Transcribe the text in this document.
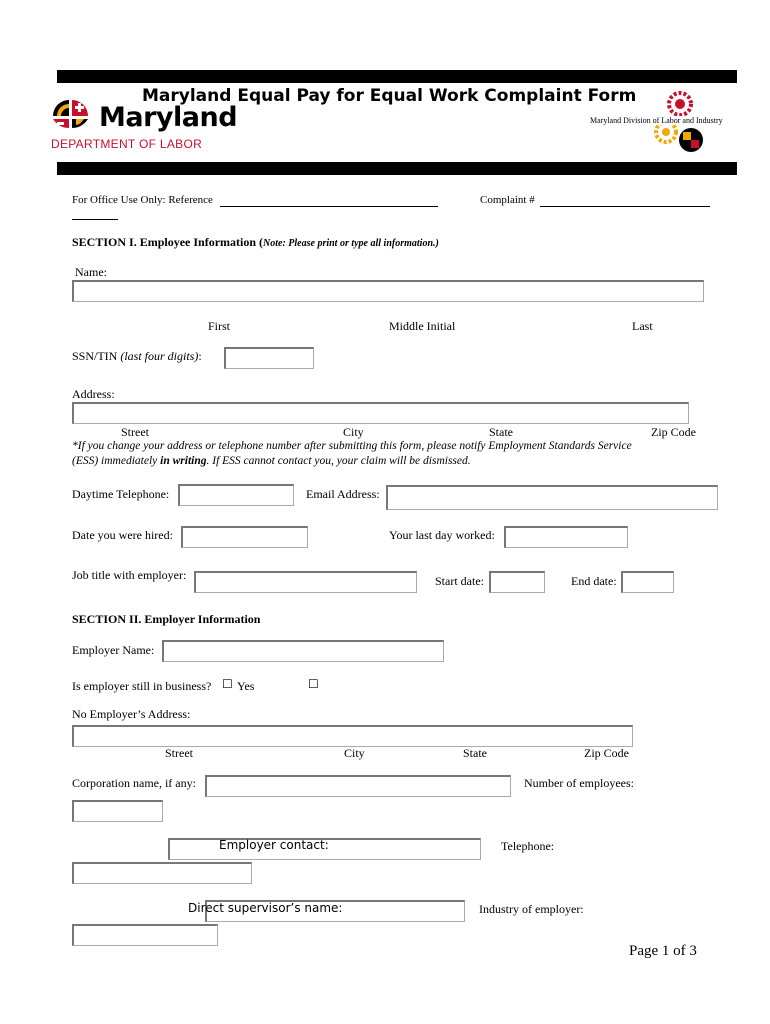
Maryland
DEPARTMENT OF LABOR
Maryland Equal Pay for Equal Work Complaint Form
Maryland Division of Labor and Industry
For Office Use Only: Reference	Complaint #
SECTION I. Employee Information (Note: Please print or type all information.)
Name:
First	Middle Initial	Last
SSN/TIN (last four digits):
Address:
Street	City	State	Zip Code
*If you change your address or telephone number after submitting this form, please notify Employment Standards Service
(ESS) immediately in writing. If ESS cannot contact you, your claim will be dismissed.
Daytime Telephone:	Email Address:
Date you were hired:	Your last day worked:
Job title with employer:	Start date:	End date:
SECTION II. Employer Information
Employer Name:
Is employer still in business? ☐ Yes	☐
No Employer’s Address:
Street	City	State	Zip Code
Corporation name, if any:	Number of employees:
Employer contact:	Telephone:
Direct supervisor’s name:	Industry of employer:
Page 1 of 3
